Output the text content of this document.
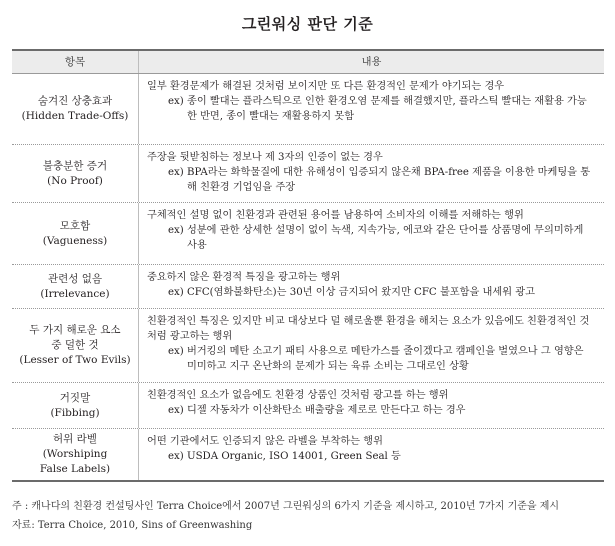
그린워싱 판단 기준
항목	내용
숨겨진 상충효과
(Hidden Trade-Offs)
일부 환경문제가 해결된 것처럼 보이지만 또 다른 환경적인 문제가 야기되는 경우
ex) 종이 빨대는 플라스틱으로 인한 환경오염 문제를 해결했지만, 플라스틱 빨대는 재활용 가능한 반면, 종이 빨대는 재활용하지 못함
불충분한 증거
(No Proof)
주장을 뒷받침하는 정보나 제 3자의 인증이 없는 경우
ex) BPA라는 화학물질에 대한 유해성이 입증되지 않은채 BPA-free 제품을 이용한 마케팅을 통해 친환경 기업임을 주장
모호함
(Vagueness)
구체적인 설명 없이 친환경과 관련된 용어를 남용하여 소비자의 이해를 저해하는 행위
ex) 성분에 관한 상세한 설명이 없이 녹색, 지속가능, 에코와 같은 단어를 상품명에 무의미하게 사용
관련성 없음
(Irrelevance)
중요하지 않은 환경적 특징을 광고하는 행위
ex) CFC(염화불화탄소)는 30년 이상 금지되어 왔지만 CFC 불포함을 내세워 광고
두 가지 해로운 요소 중 덜한 것
(Lesser of Two Evils)
친환경적인 특징은 있지만 비교 대상보다 덜 해로울뿐 환경을 해치는 요소가 있음에도 친환경적인 것처럼 광고하는 행위
ex) 버거킹의 메탄 소고기 패티 사용으로 메탄가스를 줄이겠다고 캠페인을 벌였으나 그 영향은 미미하고 지구 온난화의 문제가 되는 육류 소비는 그대로인 상황
거짓말
(Fibbing)
친환경적인 요소가 없음에도 친환경 상품인 것처럼 광고를 하는 행위
ex) 디젤 자동차가 이산화탄소 배출량을 제로로 만든다고 하는 경우
허위 라벨
(Worshiping False Labels)
어떤 기관에서도 인증되지 않은 라벨을 부착하는 행위
ex) USDA Organic, ISO 14001, Green Seal 등
주 : 캐나다의 친환경 컨설팅사인 Terra Choice에서 2007년 그린워싱의 6가지 기준을 제시하고, 2010년 7가지 기준을 제시
자료: Terra Choice, 2010, Sins of Greenwashing
